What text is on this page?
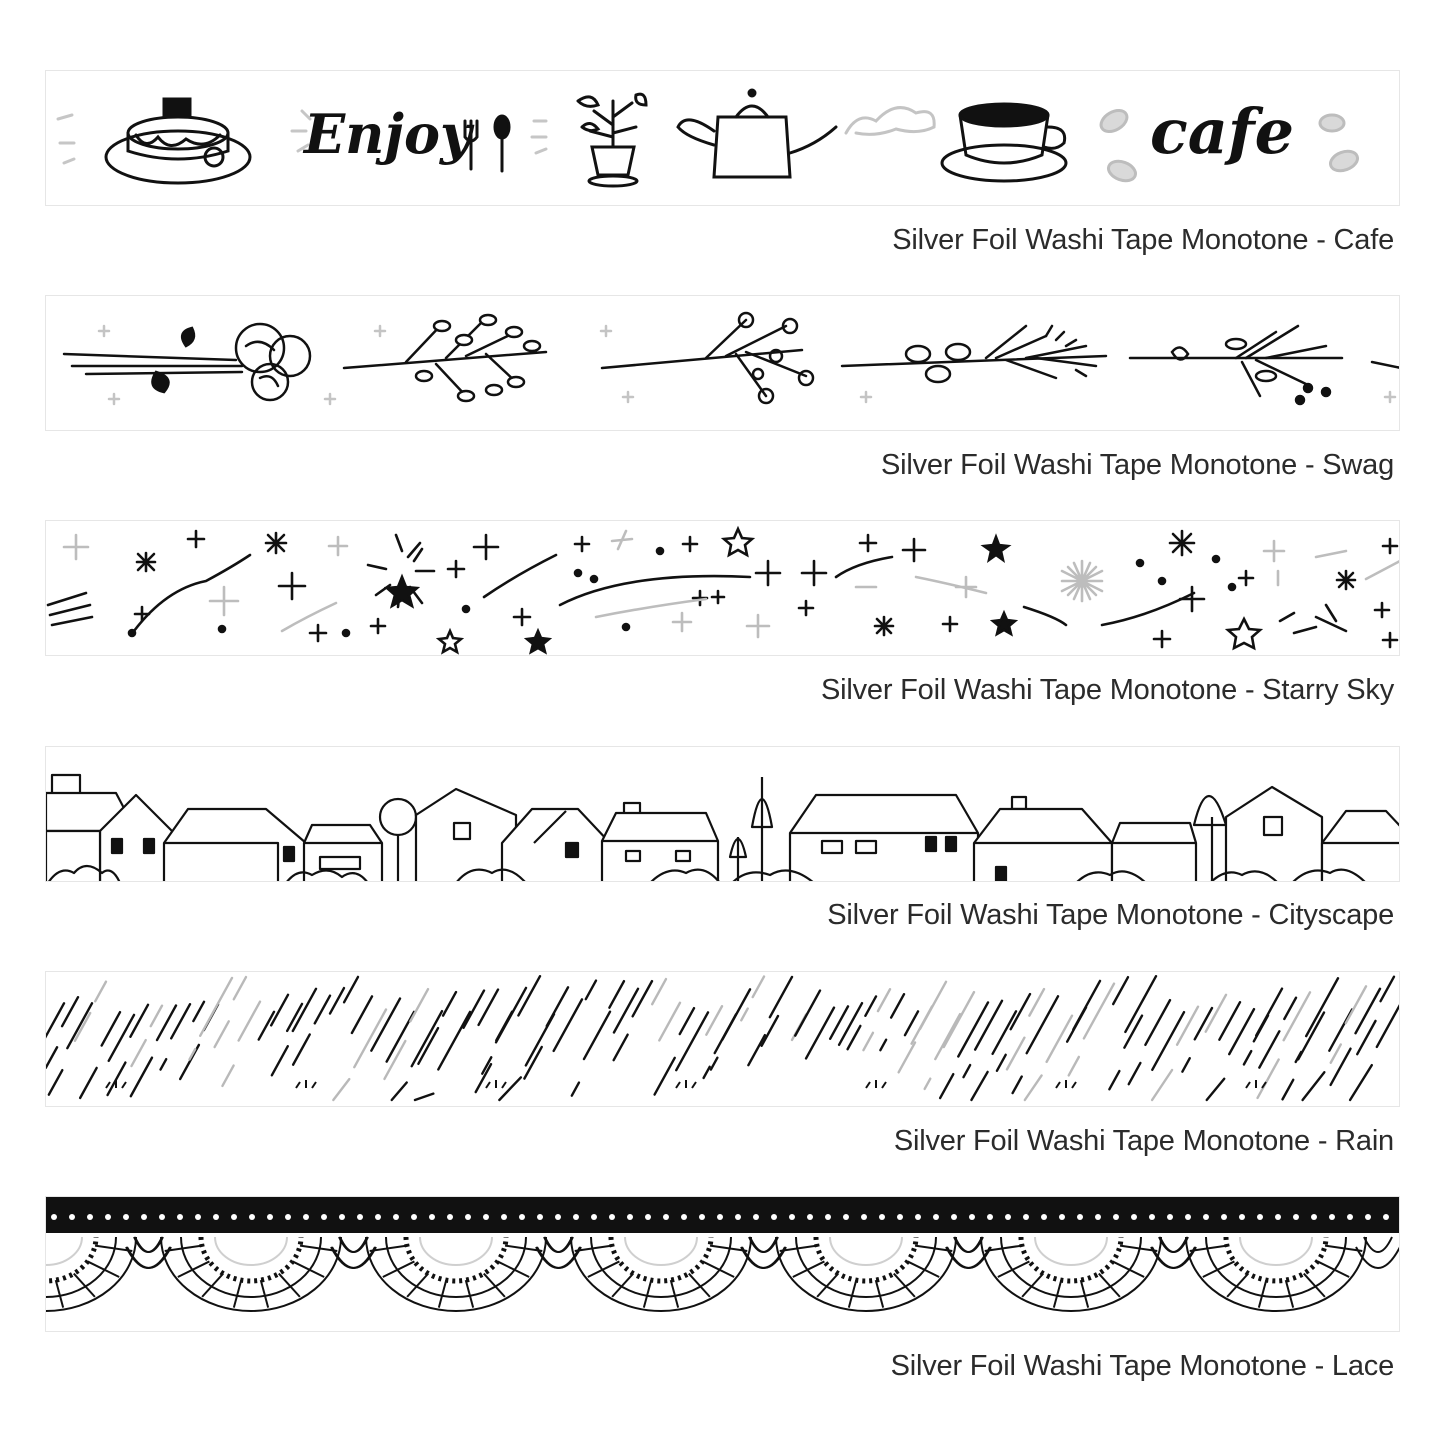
Enjoy	cafe
Silver Foil Washi Tape Monotone - Cafe
Silver Foil Washi Tape Monotone - Swag
Silver Foil Washi Tape Monotone - Starry Sky
Silver Foil Washi Tape Monotone - Cityscape
Silver Foil Washi Tape Monotone - Rain
Silver Foil Washi Tape Monotone - Lace
